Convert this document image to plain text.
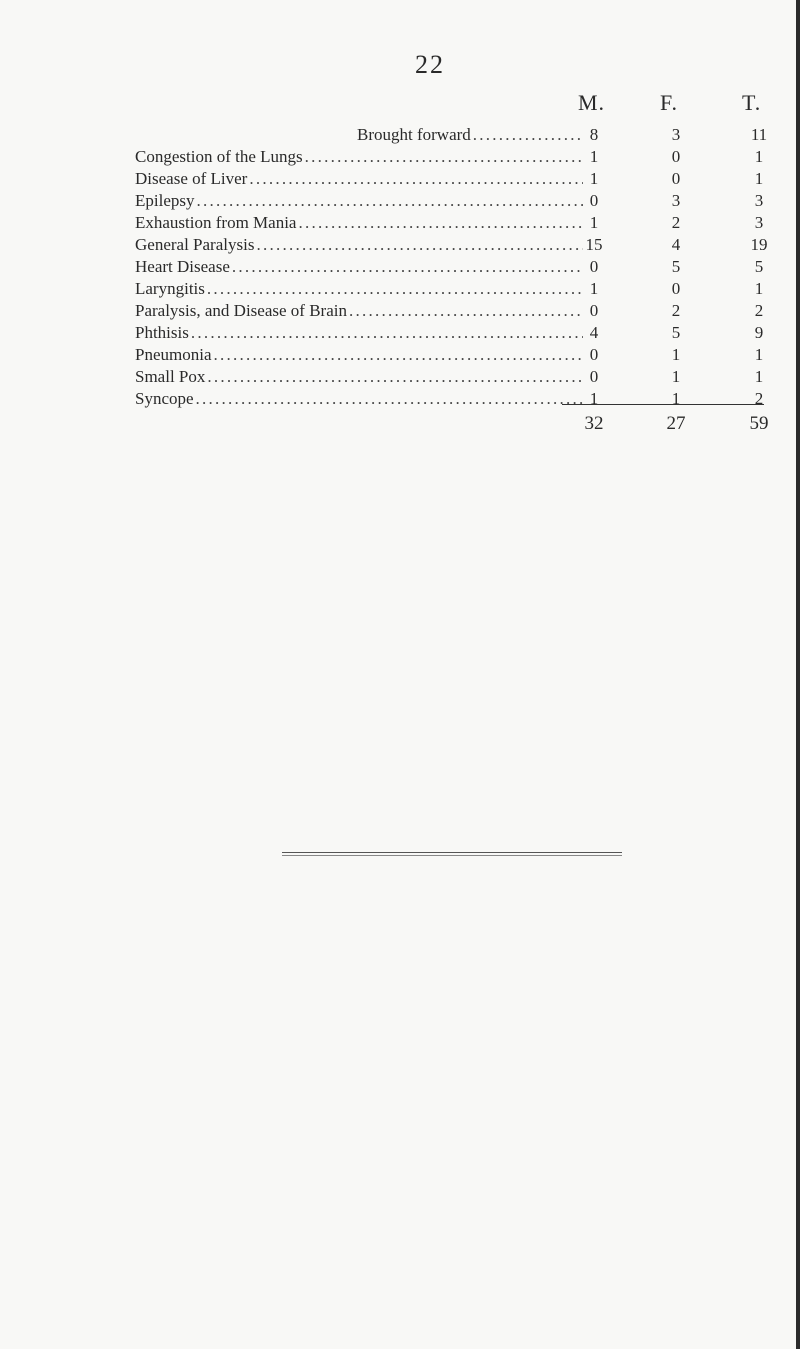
22
M. F.	T.
Brought forward . . .	8	3	11
Congestion of the Lungs . . .	1	0	1
Disease of Liver . . .	1	0	1
Epilepsy . . .	0	3	3
Exhaustion from Mania . . .	1	2	3
General Paralysis . . .	15	4	19
Heart Disease . . .	0	5	5
Laryngitis . . .	1	0	1
Paralysis, and Disease of Brain . . .	0	2	2
Phthisis . . .	4	5	9
Pneumonia . . .	0	1	1
Small Pox . . .	0	1	1
Syncope . . .	1	1	2
32	27	59
